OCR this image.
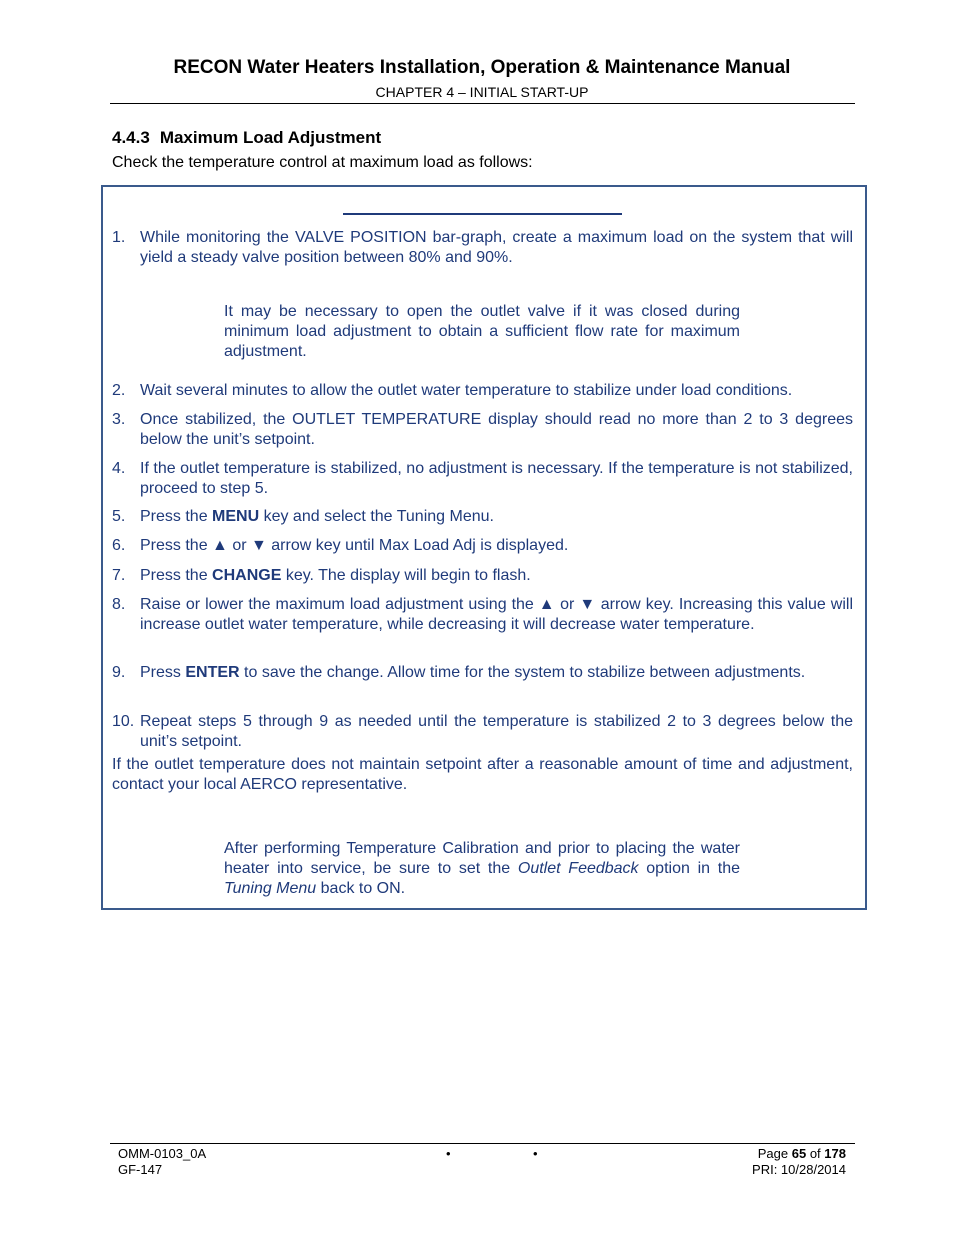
RECON Water Heaters Installation, Operation & Maintenance Manual
CHAPTER 4 – INITIAL START-UP
4.4.3 Maximum Load Adjustment
Check the temperature control at maximum load as follows:
1. While monitoring the VALVE POSITION bar-graph, create a maximum load on the system that will yield a steady valve position between 80% and 90%.
It may be necessary to open the outlet valve if it was closed during minimum load adjustment to obtain a sufficient flow rate for maximum adjustment.
2. Wait several minutes to allow the outlet water temperature to stabilize under load conditions.
3. Once stabilized, the OUTLET TEMPERATURE display should read no more than 2 to 3 degrees below the unit’s setpoint.
4. If the outlet temperature is stabilized, no adjustment is necessary. If the temperature is not stabilized, proceed to step 5.
5. Press the MENU key and select the Tuning Menu.
6. Press the ▲ or ▼ arrow key until Max Load Adj is displayed.
7. Press the CHANGE key. The display will begin to flash.
8. Raise or lower the maximum load adjustment using the ▲ or ▼ arrow key. Increasing this value will increase outlet water temperature, while decreasing it will decrease water temperature.
9. Press ENTER to save the change. Allow time for the system to stabilize between adjustments.
10. Repeat steps 5 through 9 as needed until the temperature is stabilized 2 to 3 degrees below the unit’s setpoint.
If the outlet temperature does not maintain setpoint after a reasonable amount of time and adjustment, contact your local AERCO representative.
After performing Temperature Calibration and prior to placing the water heater into service, be sure to set the Outlet Feedback option in the Tuning Menu back to ON.
OMM-0103_0A
GF-147
•	•	Page 65 of 178
PRI: 10/28/2014
